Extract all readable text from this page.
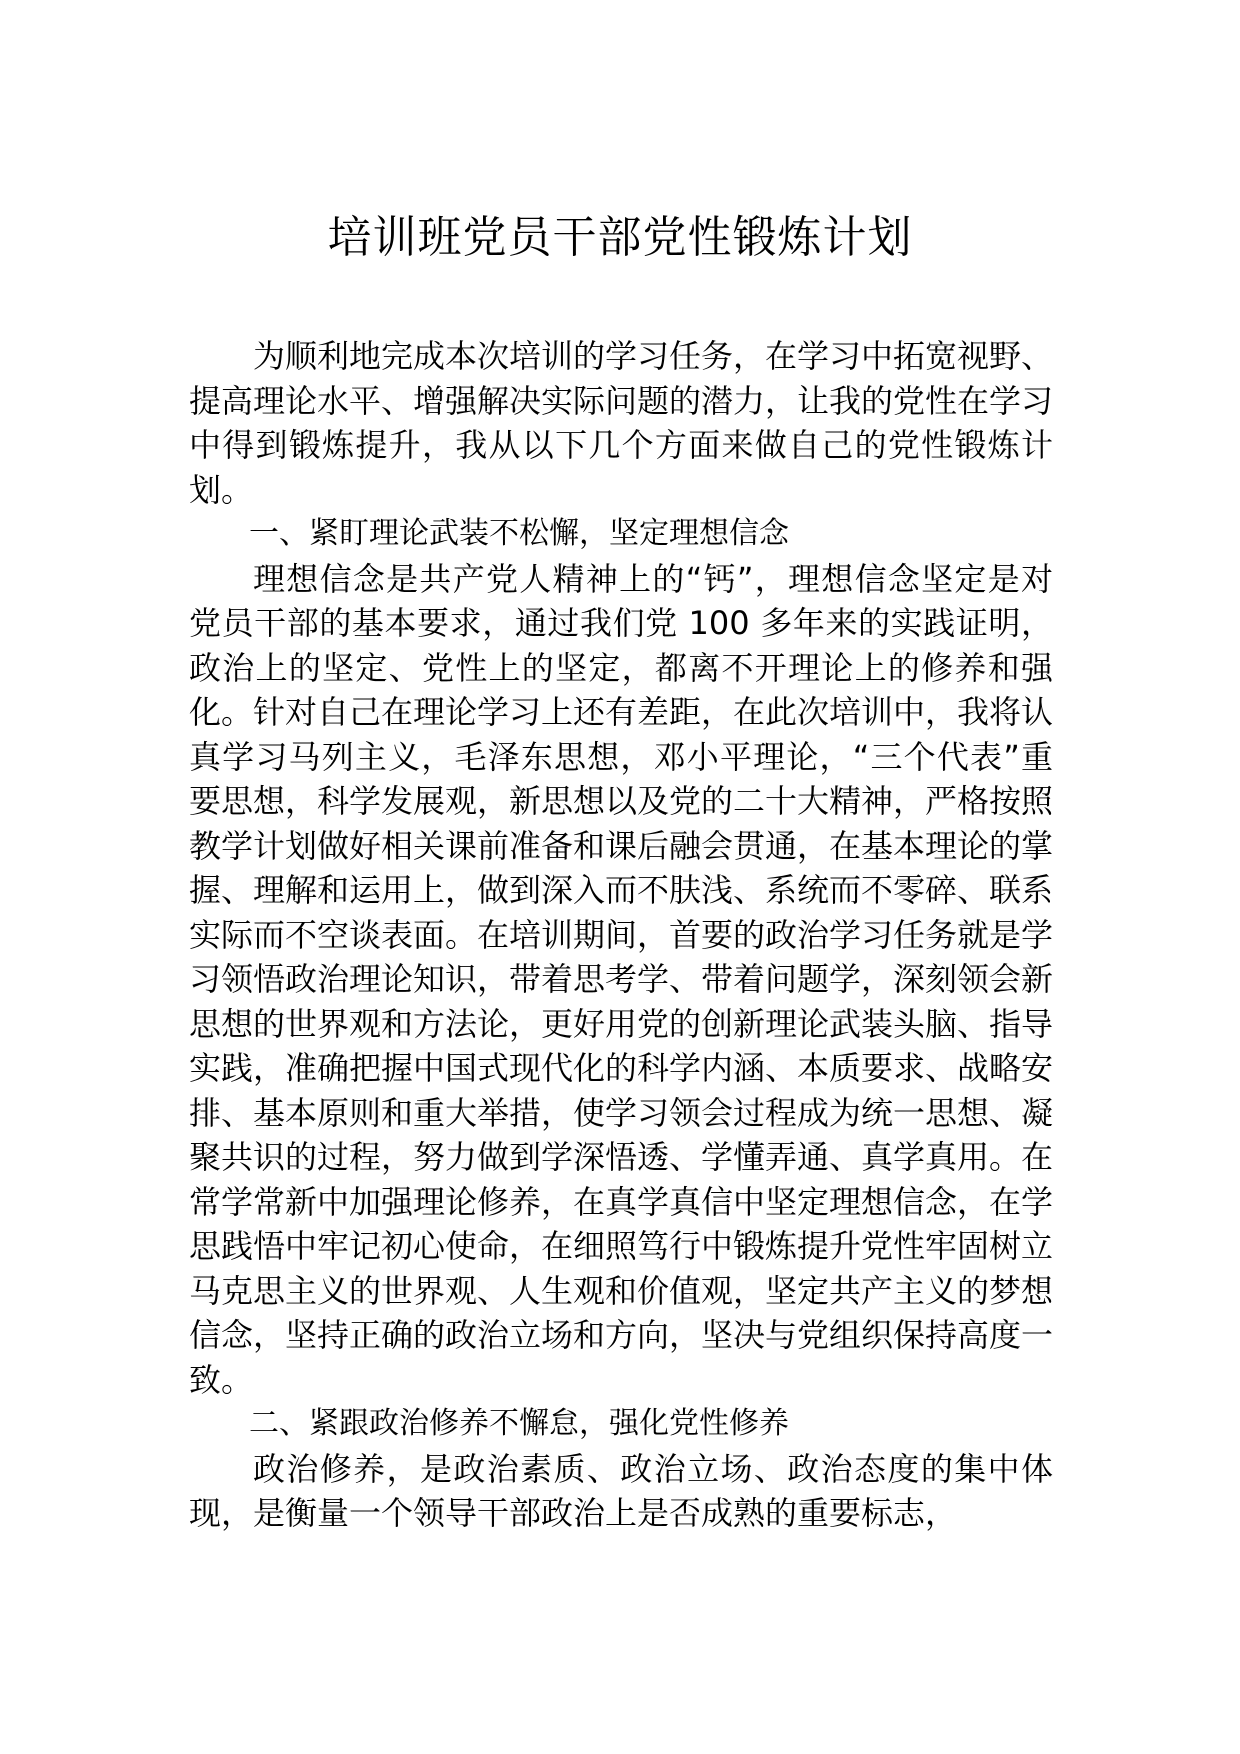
培训班党员干部党性锻炼计划

为顺利地完成本次培训的学习任务，在学习中拓宽视野、提高理论水平、增强解决实际问题的潜力，让我的党性在学习中得到锻炼提升，我从以下几个方面来做自己的党性锻炼计划。

一、紧盯理论武装不松懈，坚定理想信念

理想信念是共产党人精神上的“钙”，理想信念坚定是对党员干部的基本要求，通过我们党 100 多年来的实践证明，政治上的坚定、党性上的坚定，都离不开理论上的修养和强化。针对自己在理论学习上还有差距，在此次培训中，我将认真学习马列主义，毛泽东思想，邓小平理论，“三个代表”重要思想，科学发展观，新思想以及党的二十大精神，严格按照教学计划做好相关课前准备和课后融会贯通，在基本理论的掌握、理解和运用上，做到深入而不肤浅、系统而不零碎、联系实际而不空谈表面。在培训期间，首要的政治学习任务就是学习领悟政治理论知识，带着思考学、带着问题学，深刻领会新思想的世界观和方法论，更好用党的创新理论武装头脑、指导实践，准确把握中国式现代化的科学内涵、本质要求、战略安排、基本原则和重大举措，使学习领会过程成为统一思想、凝聚共识的过程，努力做到学深悟透、学懂弄通、真学真用。在常学常新中加强理论修养，在真学真信中坚定理想信念，在学思践悟中牢记初心使命，在细照笃行中锻炼提升党性牢固树立马克思主义的世界观、人生观和价值观，坚定共产主义的梦想信念，坚持正确的政治立场和方向，坚决与党组织保持高度一致。

二、紧跟政治修养不懈怠，强化党性修养

政治修养，是政治素质、政治立场、政治态度的集中体现，是衡量一个领导干部政治上是否成熟的重要标志，
